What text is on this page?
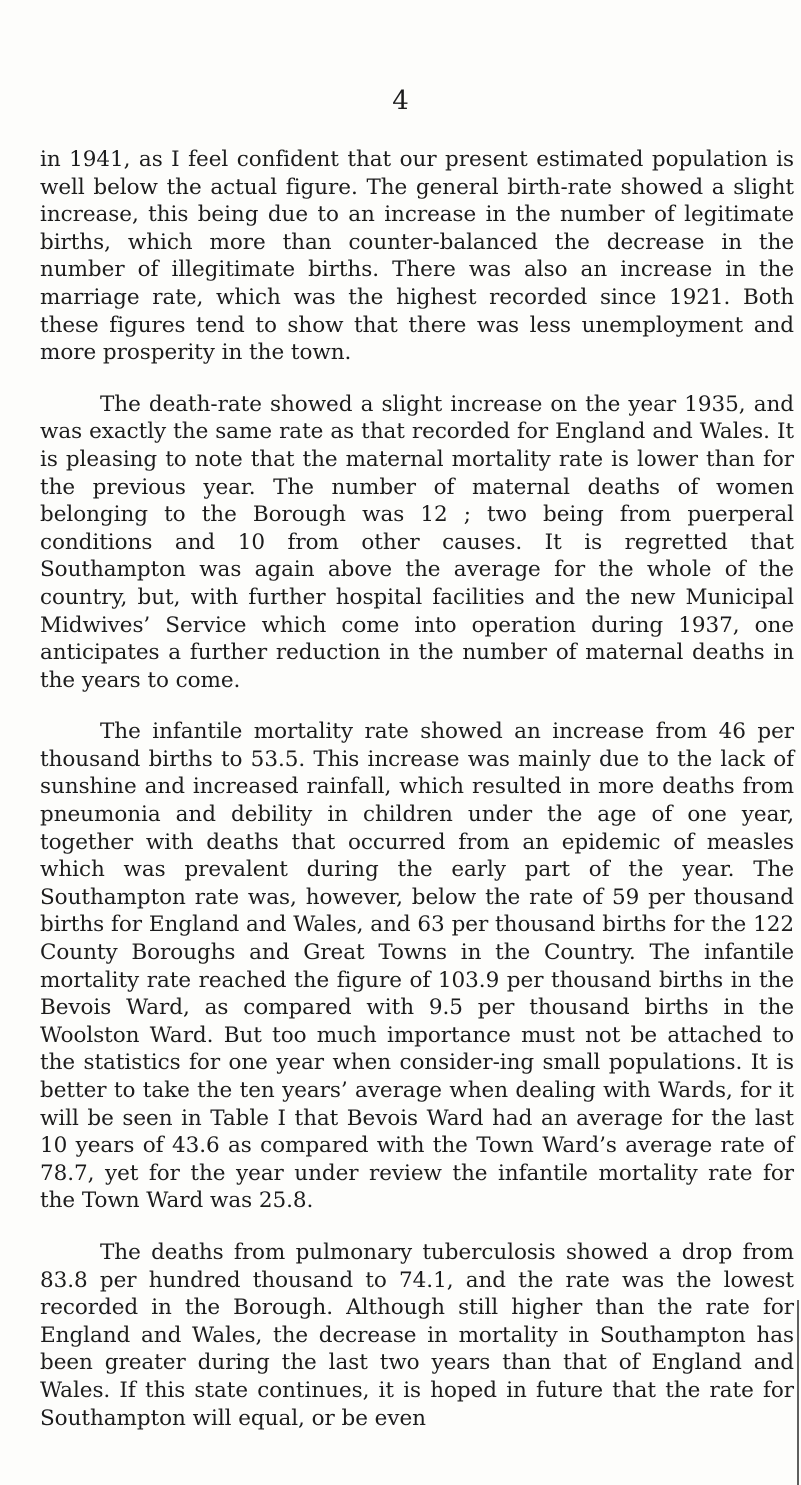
4

in 1941, as I feel confident that our present estimated population is well below the actual figure. The general birth-rate showed a slight increase, this being due to an increase in the number of legitimate births, which more than counter-balanced the decrease in the number of illegitimate births. There was also an increase in the marriage rate, which was the highest recorded since 1921. Both these figures tend to show that there was less unemployment and more prosperity in the town.

The death-rate showed a slight increase on the year 1935, and was exactly the same rate as that recorded for England and Wales. It is pleasing to note that the maternal mortality rate is lower than for the previous year. The number of maternal deaths of women belonging to the Borough was 12 ; two being from puerperal conditions and 10 from other causes. It is regretted that Southampton was again above the average for the whole of the country, but, with further hospital facilities and the new Municipal Midwives’ Service which come into operation during 1937, one anticipates a further reduction in the number of maternal deaths in the years to come.

The infantile mortality rate showed an increase from 46 per thousand births to 53.5. This increase was mainly due to the lack of sunshine and increased rainfall, which resulted in more deaths from pneumonia and debility in children under the age of one year, together with deaths that occurred from an epidemic of measles which was prevalent during the early part of the year. The Southampton rate was, however, below the rate of 59 per thousand births for England and Wales, and 63 per thousand births for the 122 County Boroughs and Great Towns in the Country. The infantile mortality rate reached the figure of 103.9 per thousand births in the Bevois Ward, as compared with 9.5 per thousand births in the Woolston Ward. But too much importance must not be attached to the statistics for one year when consider-ing small populations. It is better to take the ten years’ average when dealing with Wards, for it will be seen in Table I that Bevois Ward had an average for the last 10 years of 43.6 as compared with the Town Ward’s average rate of 78.7, yet for the year under review the infantile mortality rate for the Town Ward was 25.8.

The deaths from pulmonary tuberculosis showed a drop from 83.8 per hundred thousand to 74.1, and the rate was the lowest recorded in the Borough. Although still higher than the rate for England and Wales, the decrease in mortality in Southampton has been greater during the last two years than that of England and Wales. If this state continues, it is hoped in future that the rate for Southampton will equal, or be even
